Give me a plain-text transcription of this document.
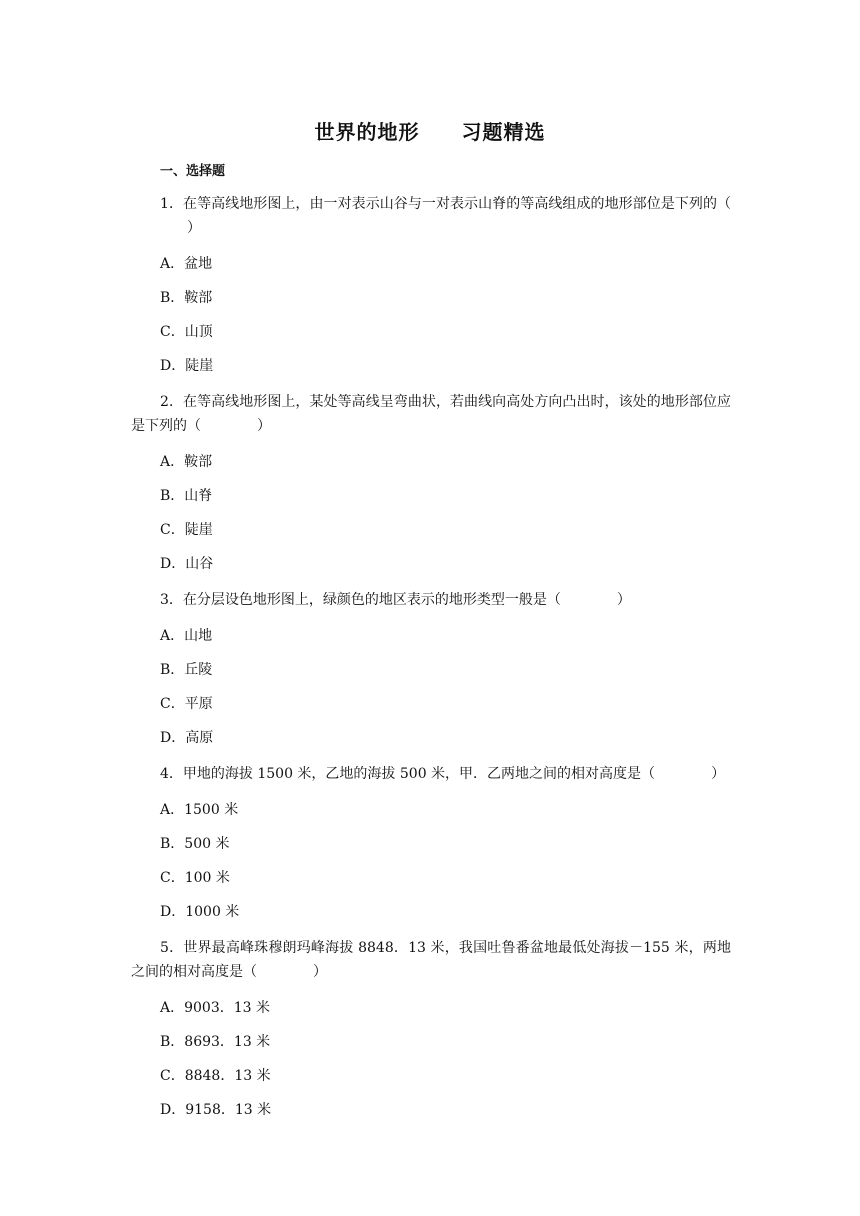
世界的地形　　习题精选
一、选择题
1．在等高线地形图上，由一对表示山谷与一对表示山脊的等高线组成的地形部位是下列的（）
A．盆地
B．鞍部
C．山顶
D．陡崖
2．在等高线地形图上，某处等高线呈弯曲状，若曲线向高处方向凸出时，该处的地形部位应是下列的（	）
A．鞍部
B．山脊
C．陡崖
D．山谷
3．在分层设色地形图上，绿颜色的地区表示的地形类型一般是（	）
A．山地
B．丘陵
C．平原
D．高原
4．甲地的海拔 1500 米，乙地的海拔 500 米，甲．乙两地之间的相对高度是（	）
A．1500 米
B．500 米
C．100 米
D．1000 米
5．世界最高峰珠穆朗玛峰海拔 8848．13 米，我国吐鲁番盆地最低处海拔－155 米，两地之间的相对高度是（	）
A．9003．13 米
B．8693．13 米
C．8848．13 米
D．9158．13 米
